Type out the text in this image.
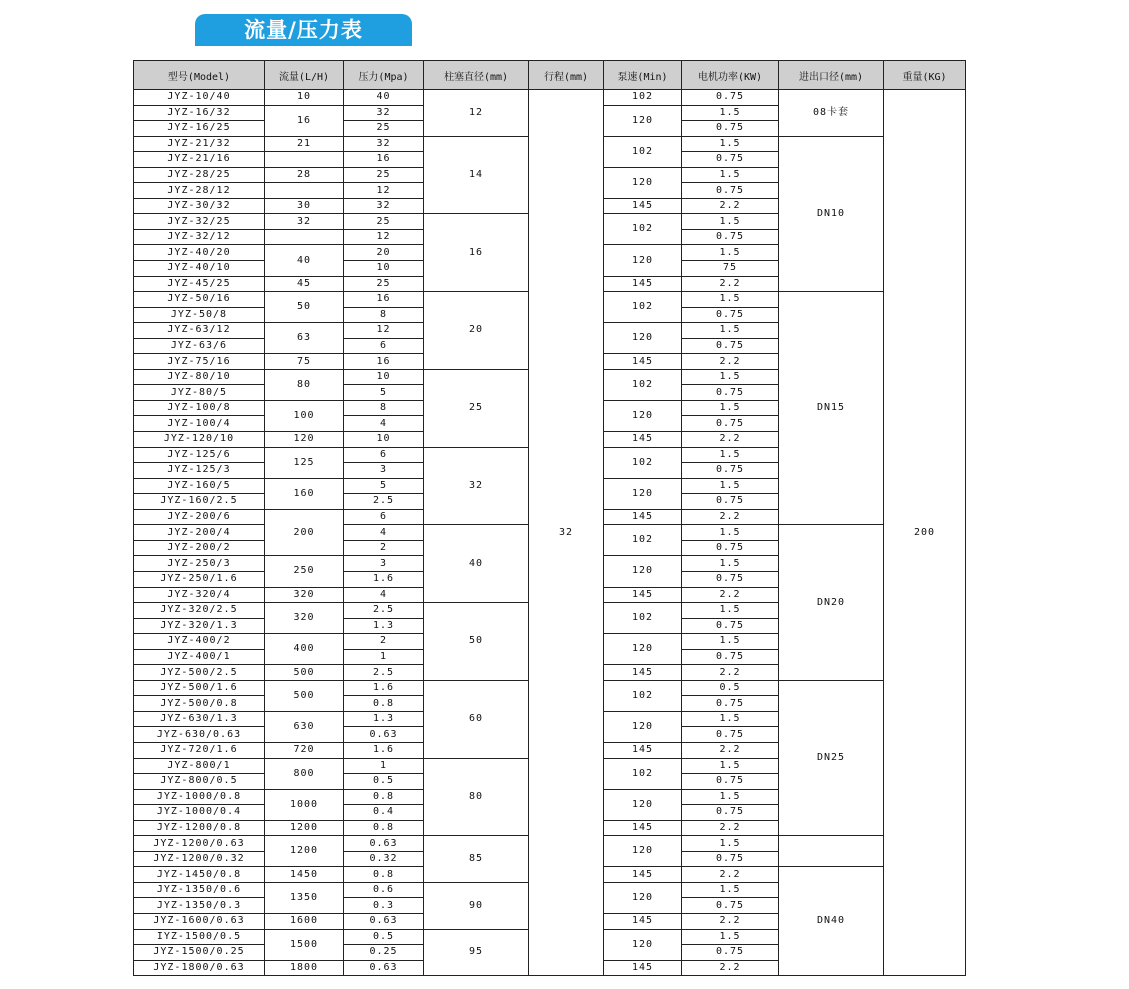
流量/压力表
型号(Model)	流量(L/H)	压力(Mpa)	柱塞直径(mm)	行程(mm)	泵速(Min)	电机功率(KW)	进出口径(mm)	重量(KG)	
JYZ-10/40	10	40	12	32	102	0.75	08卡套	200	
JYZ-16/32	16	32			120	1.5			
JYZ-16/25		25				0.75			
JYZ-21/32	21	32	14		102	1.5	DN10		
JYZ-21/16		16				0.75			
JYZ-28/25	28	25			120	1.5			
JYZ-28/12		12				0.75			
JYZ-30/32	30	32			145	2.2			
JYZ-32/25	32	25	16		102	1.5			
JYZ-32/12		12				0.75			
JYZ-40/20	40	20			120	1.5			
JYZ-40/10		10				75			
JYZ-45/25	45	25			145	2.2			
JYZ-50/16	50	16	20		102	1.5	DN15		
JYZ-50/8		8				0.75			
JYZ-63/12	63	12			120	1.5			
JYZ-63/6		6				0.75			
JYZ-75/16	75	16			145	2.2			
JYZ-80/10	80	10	25		102	1.5			
JYZ-80/5		5				0.75			
JYZ-100/8	100	8			120	1.5			
JYZ-100/4		4				0.75			
JYZ-120/10	120	10			145	2.2			
JYZ-125/6	125	6	32		102	1.5			
JYZ-125/3		3				0.75			
JYZ-160/5	160	5			120	1.5			
JYZ-160/2.5		2.5				0.75			
JYZ-200/6	200	6			145	2.2			
JYZ-200/4		4	40		102	1.5	DN20		
JYZ-200/2		2				0.75			
JYZ-250/3	250	3			120	1.5			
JYZ-250/1.6		1.6				0.75			
JYZ-320/4	320	4			145	2.2			
JYZ-320/2.5	320	2.5	50		102	1.5			
JYZ-320/1.3		1.3				0.75			
JYZ-400/2	400	2			120	1.5			
JYZ-400/1		1				0.75			
JYZ-500/2.5	500	2.5			145	2.2			
JYZ-500/1.6	500	1.6	60		102	0.5	DN25		
JYZ-500/0.8		0.8				0.75			
JYZ-630/1.3	630	1.3			120	1.5			
JYZ-630/0.63		0.63				0.75			
JYZ-720/1.6	720	1.6			145	2.2			
JYZ-800/1	800	1	80		102	1.5			
JYZ-800/0.5		0.5				0.75			
JYZ-1000/0.8	1000	0.8			120	1.5			
JYZ-1000/0.4		0.4				0.75			
JYZ-1200/0.8	1200	0.8			145	2.2	
JYZ-1200/0.63	1200	0.63	85		120	1.5			
JYZ-1200/0.32		0.32				0.75			
JYZ-1450/0.8	1450	0.8			145	2.2	DN40		
JYZ-1350/0.6	1350	0.6	90		120	1.5			
JYZ-1350/0.3		0.3				0.75			
JYZ-1600/0.63	1600	0.63			145	2.2			
IYZ-1500/0.5	1500	0.5	95		120	1.5			
JYZ-1500/0.25		0.25				0.75			
JYZ-1800/0.63	1800	0.63			145	2.2			
